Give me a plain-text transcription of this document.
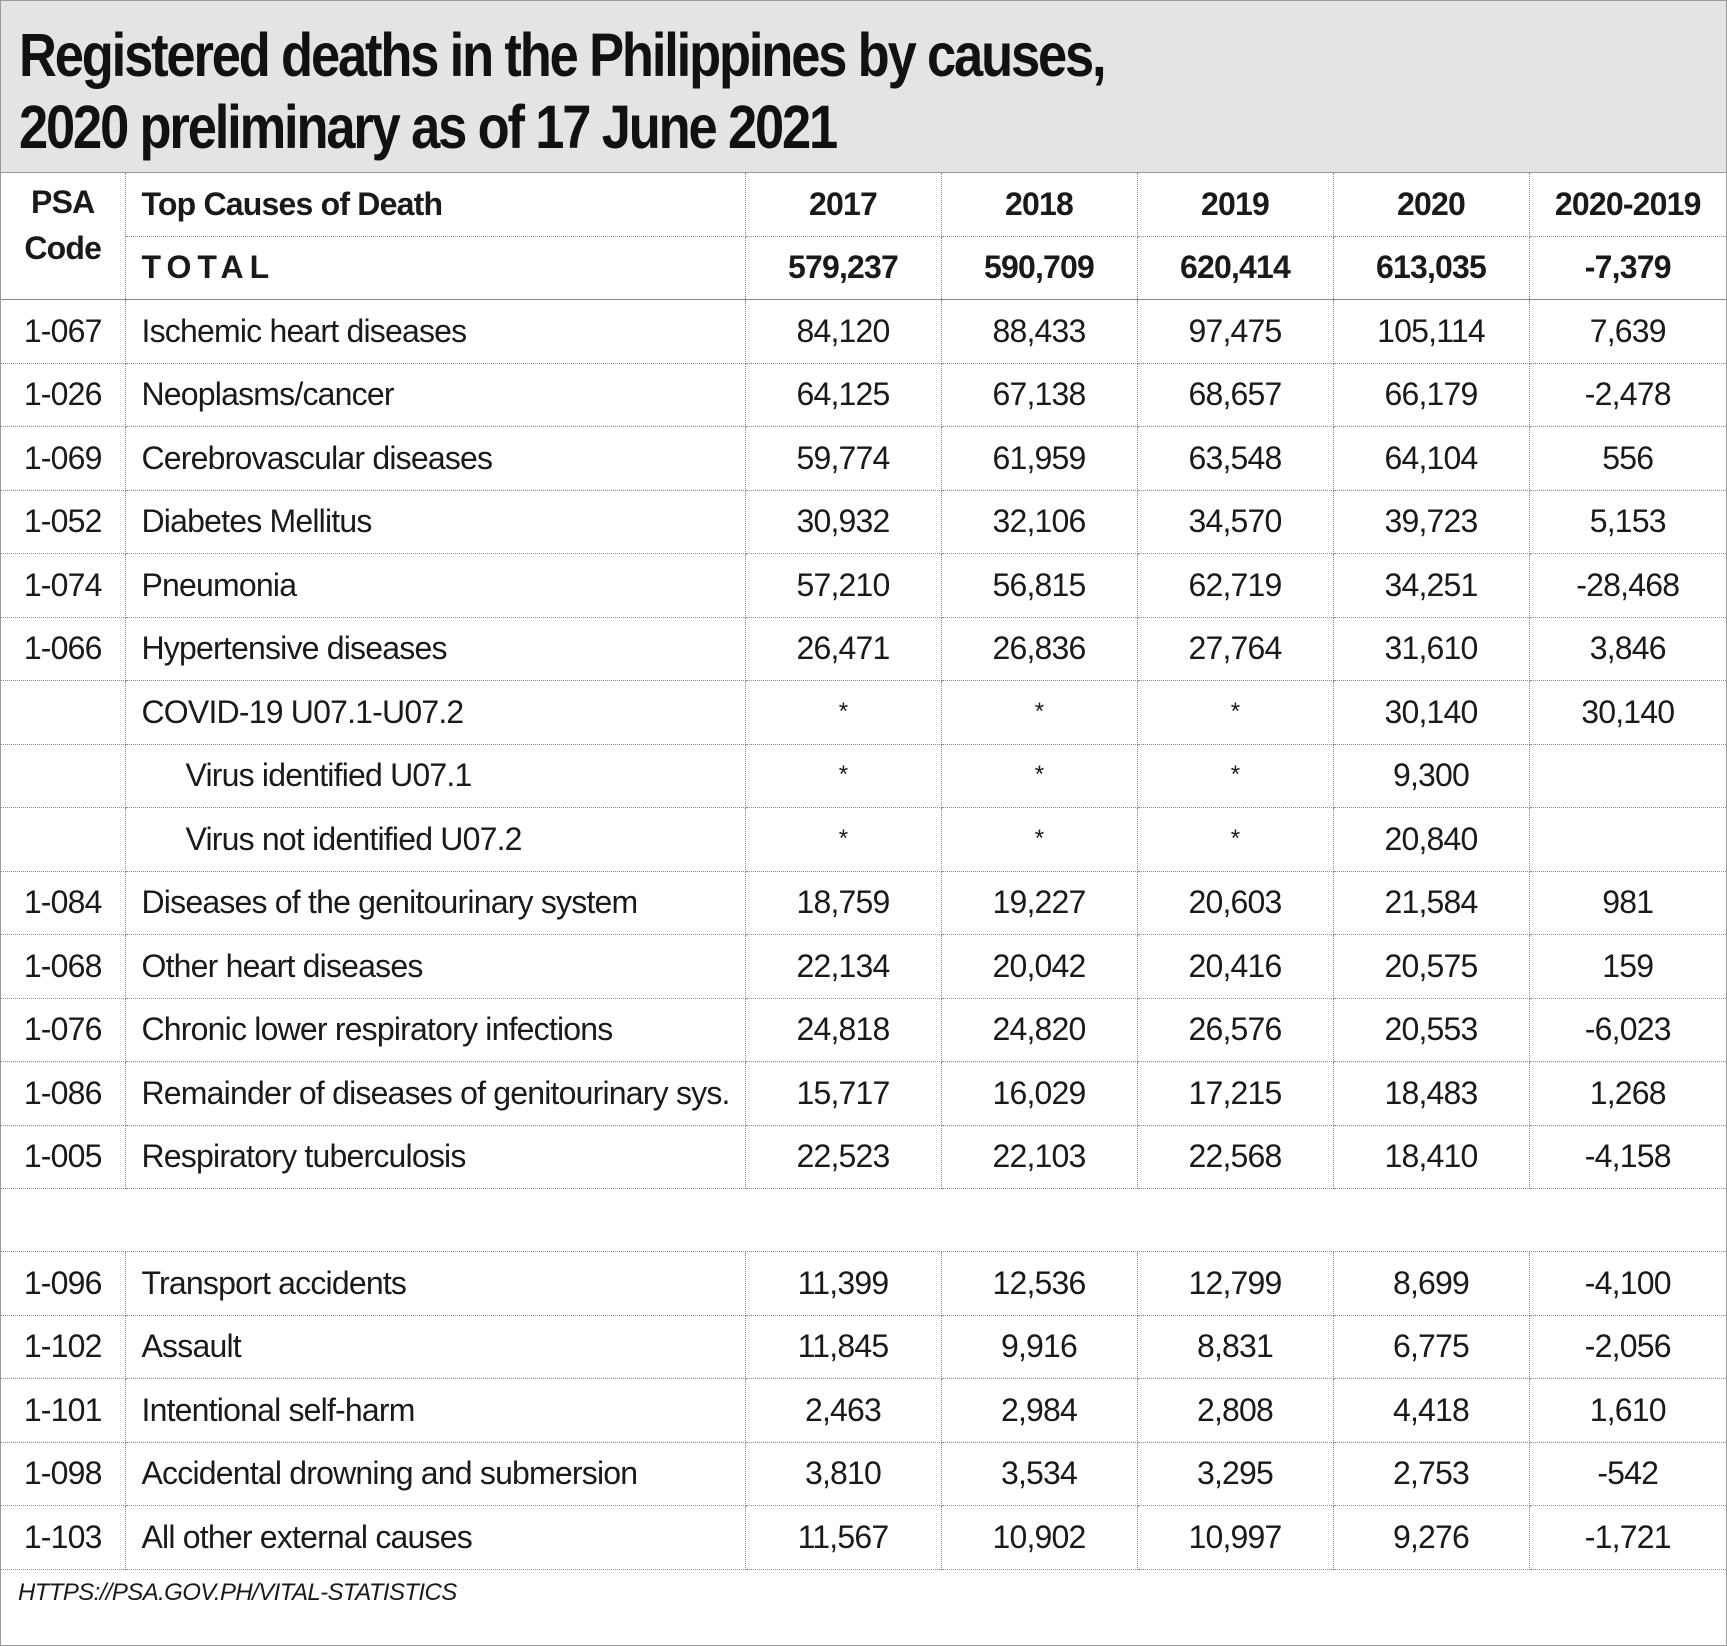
Registered deaths in the Philippines by causes,
2020 preliminary as of 17 June 2021
PSA
Code	Top Causes of Death	2017	2018	2019	2020	2020-2019
	TOTAL	579,237	590,709	620,414	613,035	-7,379
1-067	Ischemic heart diseases	84,120	88,433	97,475	105,114	7,639
1-026	Neoplasms/cancer	64,125	67,138	68,657	66,179	-2,478
1-069	Cerebrovascular diseases	59,774	61,959	63,548	64,104	556
1-052	Diabetes Mellitus	30,932	32,106	34,570	39,723	5,153
1-074	Pneumonia	57,210	56,815	62,719	34,251	-28,468
1-066	Hypertensive diseases	26,471	26,836	27,764	31,610	3,846
	COVID-19 U07.1-U07.2	*	*	*	30,140	30,140
	Virus identified U07.1	*	*	*	9,300	
	Virus not identified U07.2	*	*	*	20,840	
1-084	Diseases of the genitourinary system	18,759	19,227	20,603	21,584	981
1-068	Other heart diseases	22,134	20,042	20,416	20,575	159
1-076	Chronic lower respiratory infections	24,818	24,820	26,576	20,553	-6,023
1-086	Remainder of diseases of genitourinary sys.	15,717	16,029	17,215	18,483	1,268
1-005	Respiratory tuberculosis	22,523	22,103	22,568	18,410	-4,158

1-096	Transport accidents	11,399	12,536	12,799	8,699	-4,100
1-102	Assault	11,845	9,916	8,831	6,775	-2,056
1-101	Intentional self-harm	2,463	2,984	2,808	4,418	1,610
1-098	Accidental drowning and submersion	3,810	3,534	3,295	2,753	-542
1-103	All other external causes	11,567	10,902	10,997	9,276	-1,721
HTTPS://PSA.GOV.PH/VITAL-STATISTICS
